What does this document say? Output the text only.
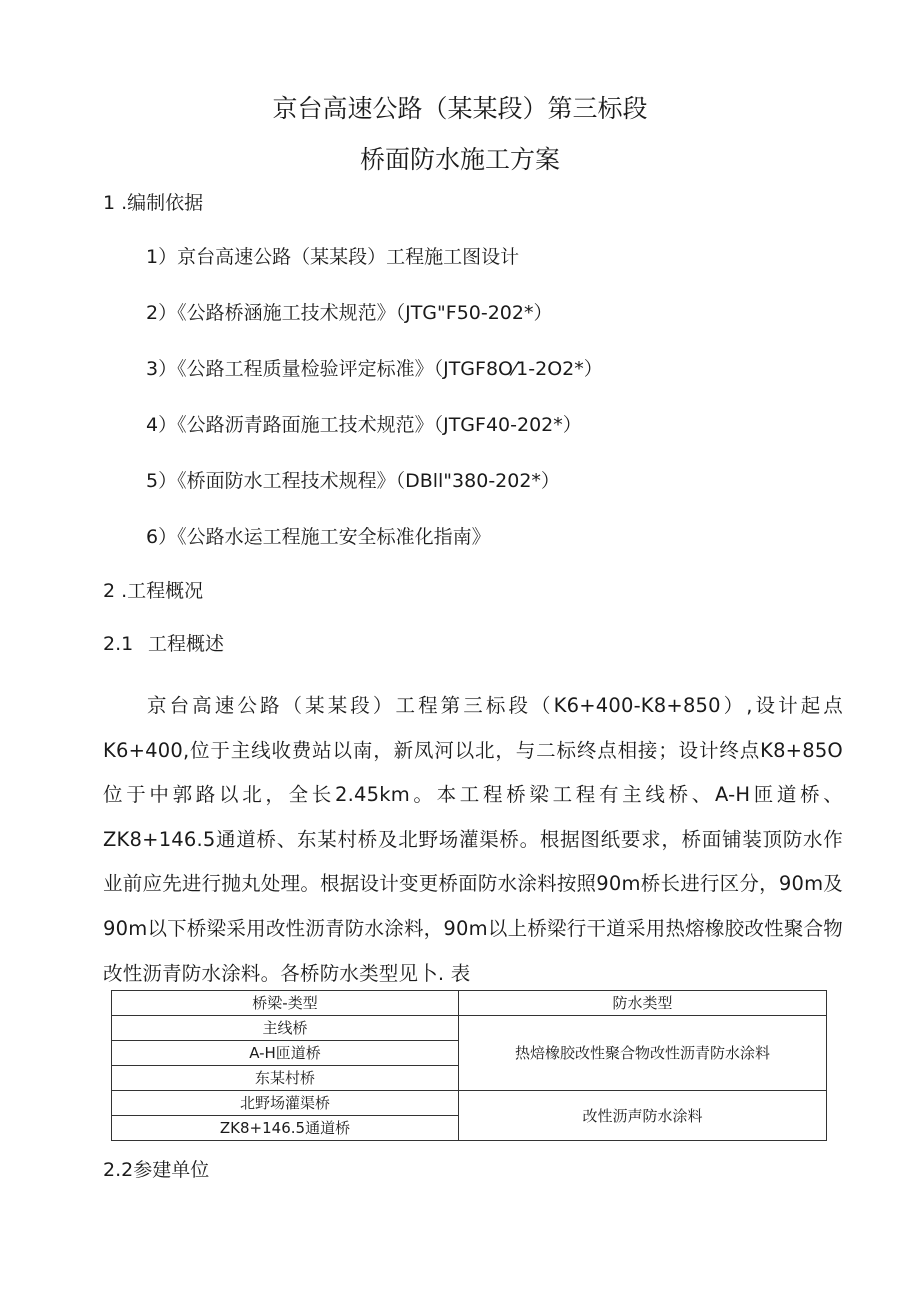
京台高速公路（某某段）第三标段
桥面防水施工方案
1 .编制依据
1）京台高速公路（某某段）工程施工图设计
2）《公路桥涵施工技术规范》（JTG"F50-202*）
3）《公路工程质量检验评定标准》（JTGF8O⁄1-2O2*）
4）《公路沥青路面施工技术规范》（JTGF40-202*）
5）《桥面防水工程技术规程》（DBll"380-202*）
6）《公路水运工程施工安全标准化指南》
2 .工程概况
2.1 工程概述
京台高速公路（某某段）工程第三标段（K6+400-K8+850）,设计起点K6+400,位于主线收费站以南，新凤河以北，与二标终点相接；设计终点K8+85O位于中郭路以北，全长2.45km。本工程桥梁工程有主线桥、A-H匝道桥、ZK8+146.5通道桥、东某村桥及北野场灌渠桥。根据图纸要求，桥面铺装顶防水作业前应先进行抛丸处理。根据设计变更桥面防水涂料按照90m桥长进行区分，90m及90m以下桥梁采用改性沥青防水涂料，90m以上桥梁行干道采用热熔橡胶改性聚合物改性沥青防水涂料。各桥防水类型见卜. 表
桥梁-类型	防水类型
主线桥	热焙橡胶改性聚合物改性沥青防水涂料
A-H匝道桥	
东某村桥	
北野场灌渠桥	改性沥声防水涂料
ZK8+146.5通道桥	
2.2参建单位
